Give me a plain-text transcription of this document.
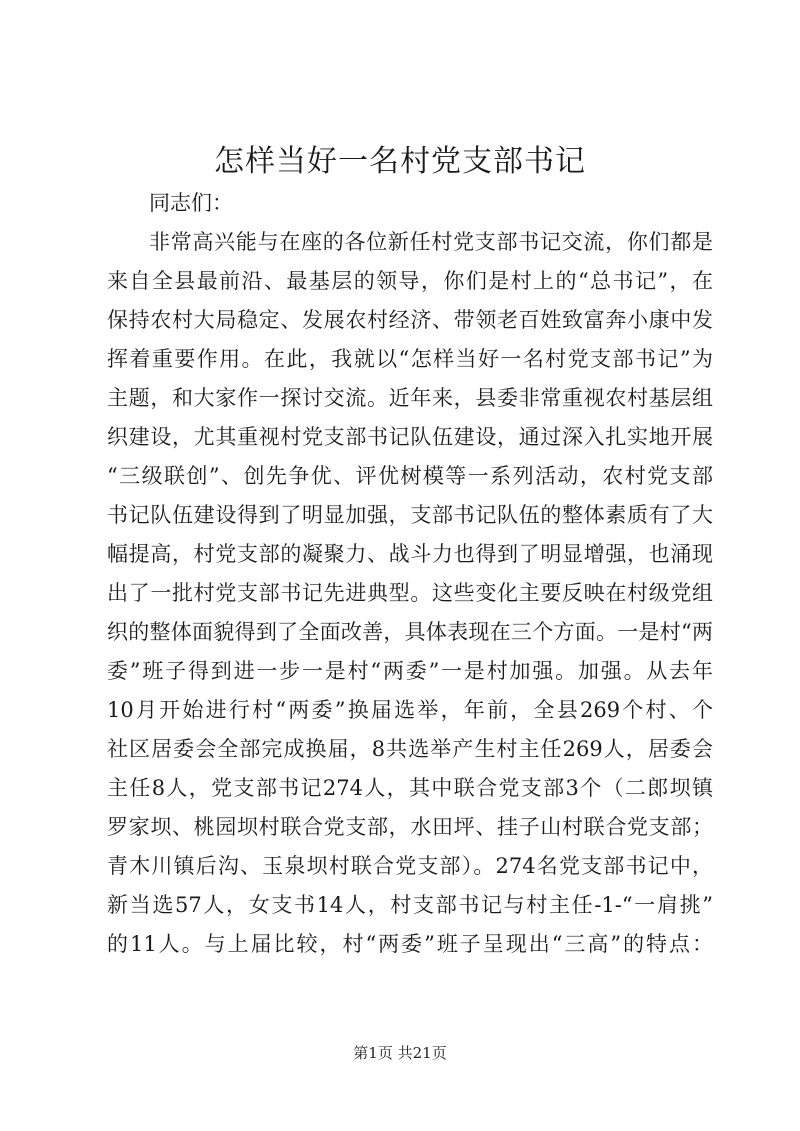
怎样当好一名村党支部书记
同志们：
非常高兴能与在座的各位新任村党支部书记交流，你们都是
来自全县最前沿、最基层的领导，你们是村上的“总书记”，在
保持农村大局稳定、发展农村经济、带领老百姓致富奔小康中发
挥着重要作用。在此，我就以“怎样当好一名村党支部书记”为
主题，和大家作一探讨交流。近年来，县委非常重视农村基层组
织建设，尤其重视村党支部书记队伍建设，通过深入扎实地开展
“三级联创”、创先争优、评优树模等一系列活动，农村党支部
书记队伍建设得到了明显加强，支部书记队伍的整体素质有了大
幅提高，村党支部的凝聚力、战斗力也得到了明显增强，也涌现
出了一批村党支部书记先进典型。这些变化主要反映在村级党组
织的整体面貌得到了全面改善，具体表现在三个方面。一是村“两
委”班子得到进一步一是村“两委”一是村加强。加强。从去年
10月开始进行村“两委”换届选举，年前，全县269个村、个
社区居委会全部完成换届，8共选举产生村主任269人，居委会
主任8人，党支部书记274人，其中联合党支部3个（二郎坝镇
罗家坝、桃园坝村联合党支部，水田坪、挂子山村联合党支部；
青木川镇后沟、玉泉坝村联合党支部）。274名党支部书记中，
新当选57人，女支书14人，村支部书记与村主任-1-“一肩挑”
的11人。与上届比较，村“两委”班子呈现出“三高”的特点：
第1页 共21页
